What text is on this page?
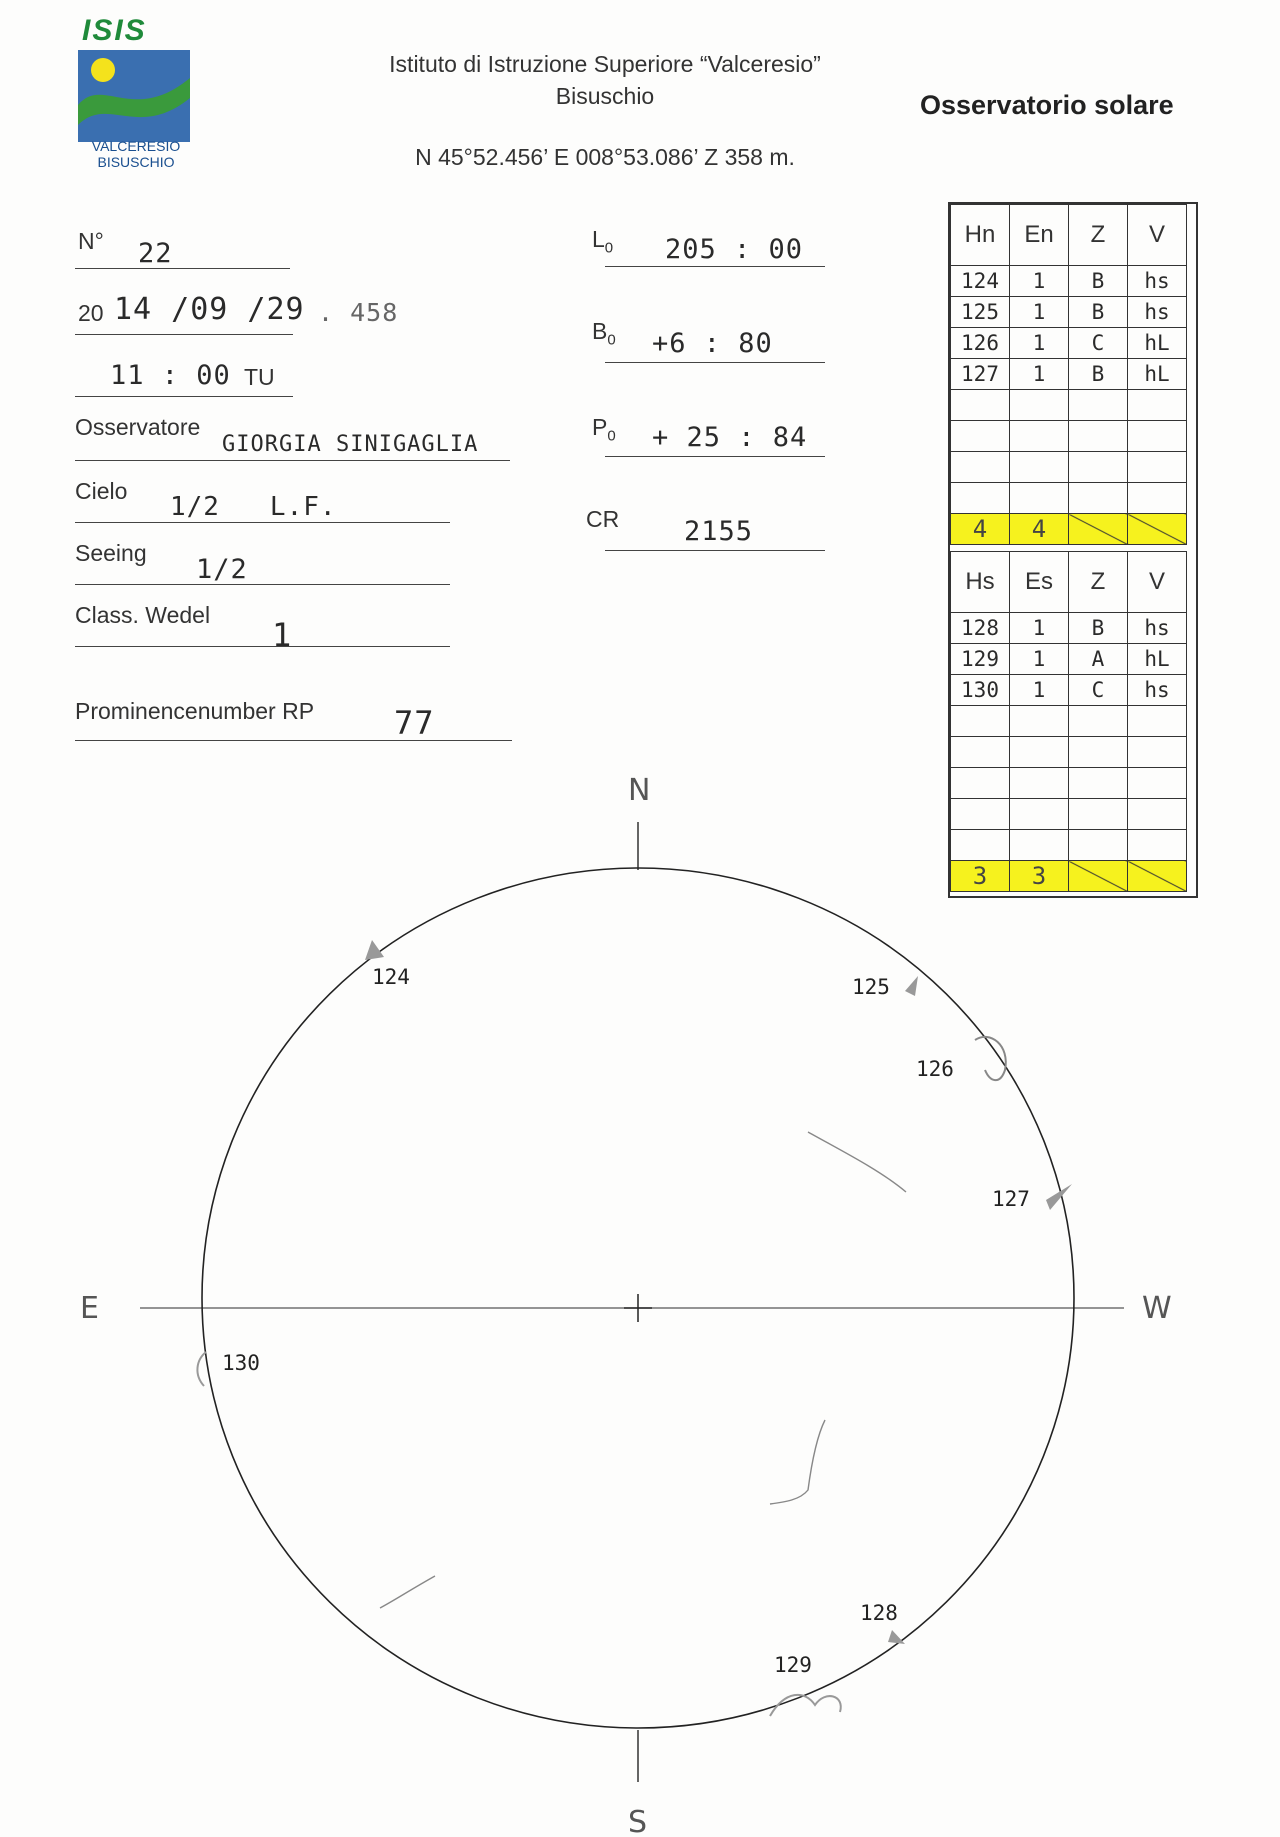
ISIS
VALCERESIO
BISUSCHIO
Istituto di Istruzione Superiore “Valceresio”
Bisuschio
N 45°52.456’ E 008°53.086’ Z 358 m.
Osservatorio solare
N° 22
20 14 /09 /29 . 458
11 : 00 TU
Osservatore
GIORGIA SINIGAGLIA
Cielo
1/2   L.F.
Seeing
1/2
Class. Wedel
1
Prominencenumber RP 77
$L_0$ 205 : 00
$B_0 +6$ : 80
$P_0 + 25$ : 84
CR 2155
Hn	En	Z	V
124	1	B	hs
125	1	B	hs
126	1	C	hL
127	1	B	hL

4	4		
Hs	Es	Z	V
128	1	B	hs
129	1	A	hL
130	1	C	hs

3	3		
N
S
E	W
124	125
126
127
128
129
130
